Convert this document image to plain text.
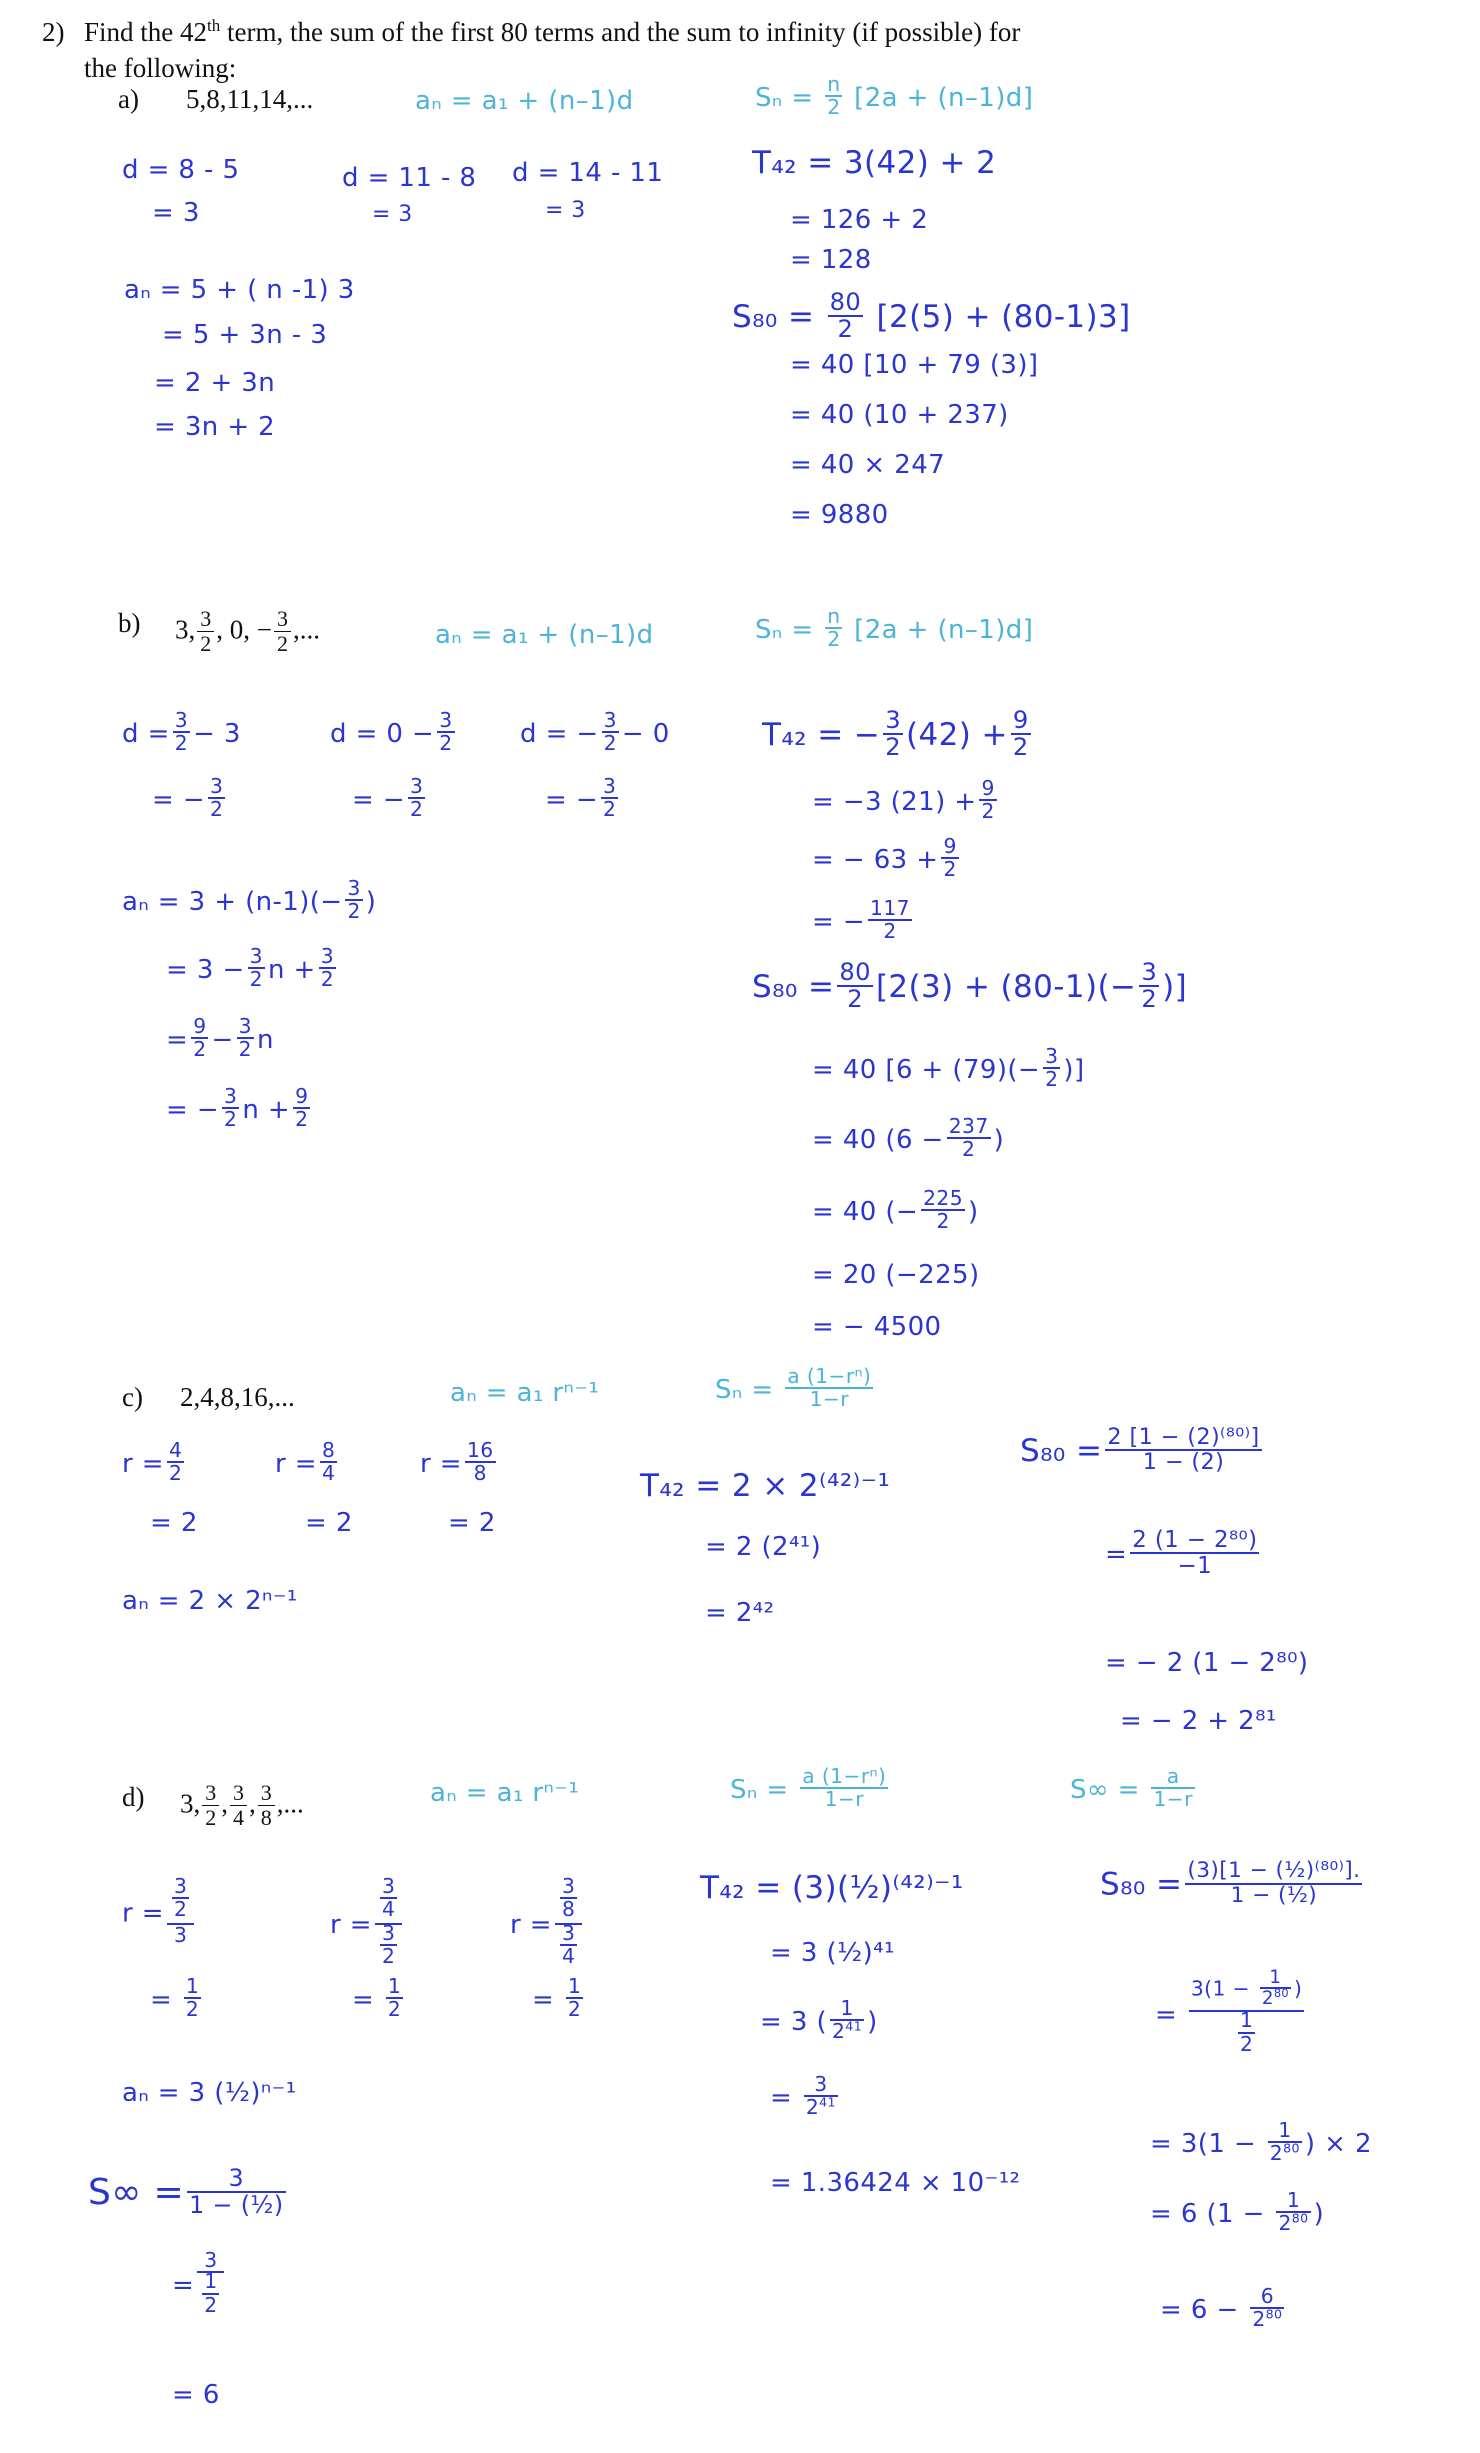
2) Find the 42th term, the sum of the first 80 terms and the sum to infinity (if possible) for
the following:
a) 5,8,11,14,...	aₙ = a₁ + (n–1)d	$S_n = \frac{n}{2} [2a + (n-1)d]$
d = 8 - 5
= 3
d = 11 - 8
= 3
d = 14 - 11
= 3
aₙ = 5 + ( n -1) 3
= 5 + 3n - 3
= 2 + 3n
= 3n + 2
T₄₂ = 3(42) + 2
= 126 + 2
= 128
$S_{80} = \frac{80}{2} [2(5) + (80-1)3]$
= 40 [10 + 79 (3)]
= 40 (10 + 237)
= 40 × 247
= 9880
b) 3, $\frac{3}{2}$ , 0, − $\frac{3}{2}$ ,...	aₙ = a₁ + (n–1)d	$S_n = \frac{n}{2} [2a + (n-1)d]$
$d = \frac{3}{2} - 3$
= − $\frac{3}{2}$
$d = 0 - \frac{3}{2}$
= − $\frac{3}{2}$
d = − $\frac{3}{2} - 0$
= − $\frac{3}{2}$
$a_n = 3 + (n-1)(- \frac{3}{2}$ )
= $3 - \frac{3}{2}$ $n + \frac{3}{2}$
= $\frac{9}{2} - \frac{3}{2}$ n
= − $\frac{3}{2}$ $n + \frac{9}{2}$
T₄₂ = − $\frac{3}{2} (42) + \frac{9}{2}$
= −3 $(21) + \frac{9}{2}$
= − $63 + \frac{9}{2}$
= − $\frac{117}{2}$
$S_{80} = \frac{80}{2} [2(3) + (80-1)(- \frac{3}{2}$ )]
= 40 [$6 + (79)(- \frac{3}{2}$ )]
= 40 ($6 - \frac{237}{2}$ )
= 40 (− $\frac{225}{2}$ )
= 20 (−225)
= − 4500
c) 2,4,8,16,...	aₙ = a₁ rⁿ⁻¹	$S_n = \frac{\text{a (1−rⁿ)}}{1-r}$
$r = \frac{4}{2}$
= 2
$r = \frac{8}{4}$
= 2
$r = \frac{16}{8}$
= 2
aₙ = 2 × 2ⁿ⁻¹
T₄₂ = 2 × 2⁽⁴²⁾⁻¹
= 2 (2⁴¹)
= 2⁴²
$S_{80} = \frac{\text{2 [1 − (2)⁽⁸⁰⁾]}}{1 - (2)}$
= $\frac{\text{2 (1 − 2⁸⁰)}}{-1}$
= − 2 (1 − 2⁸⁰)
= − 2 + 2⁸¹
d) 3, $\frac{3}{2}$ , $\frac{3}{4}$ , $\frac{3}{8}$ ,...	aₙ = a₁ rⁿ⁻¹	$S_n = \frac{\text{a (1−rⁿ)}}{1-r}$	$S\infty = \frac{a}{1-r}$
$r = \frac{\frac{3}{2}}{3}$
= $\frac{1}{2}$
$r = \frac{\frac{3}{4}}{\frac{3}{2}}$
= $\frac{1}{2}$
$r = \frac{\frac{3}{8}}{\frac{3}{4}}$
= $\frac{1}{2}$
aₙ = 3 (½)ⁿ⁻¹
$S\infty = \frac{3}{\text{1 − (½)}}$
= $\frac{3}{\frac{1}{2}}$
= 6
T₄₂ = (3)(½)⁽⁴²⁾⁻¹
= 3 (½)⁴¹
= 3 ( $\frac{1}{2^{41}}$ )
= $\frac{3}{2^{41}}$
= 1.36424 × 10⁻¹²
$S_{80} = \frac{\text{(3)[1 − (½)⁽⁸⁰⁾].}}{\text{1 − (½)}}$
= $\frac{3(1 - \frac{1}{2^{80}} )}{\frac{1}{2}}$
= $3(1 - \frac{1}{2^{80}}$ ) × 2
= 6 ($1 - \frac{1}{2^{80}}$ )
= $6 - \frac{6}{2^{80}}$
